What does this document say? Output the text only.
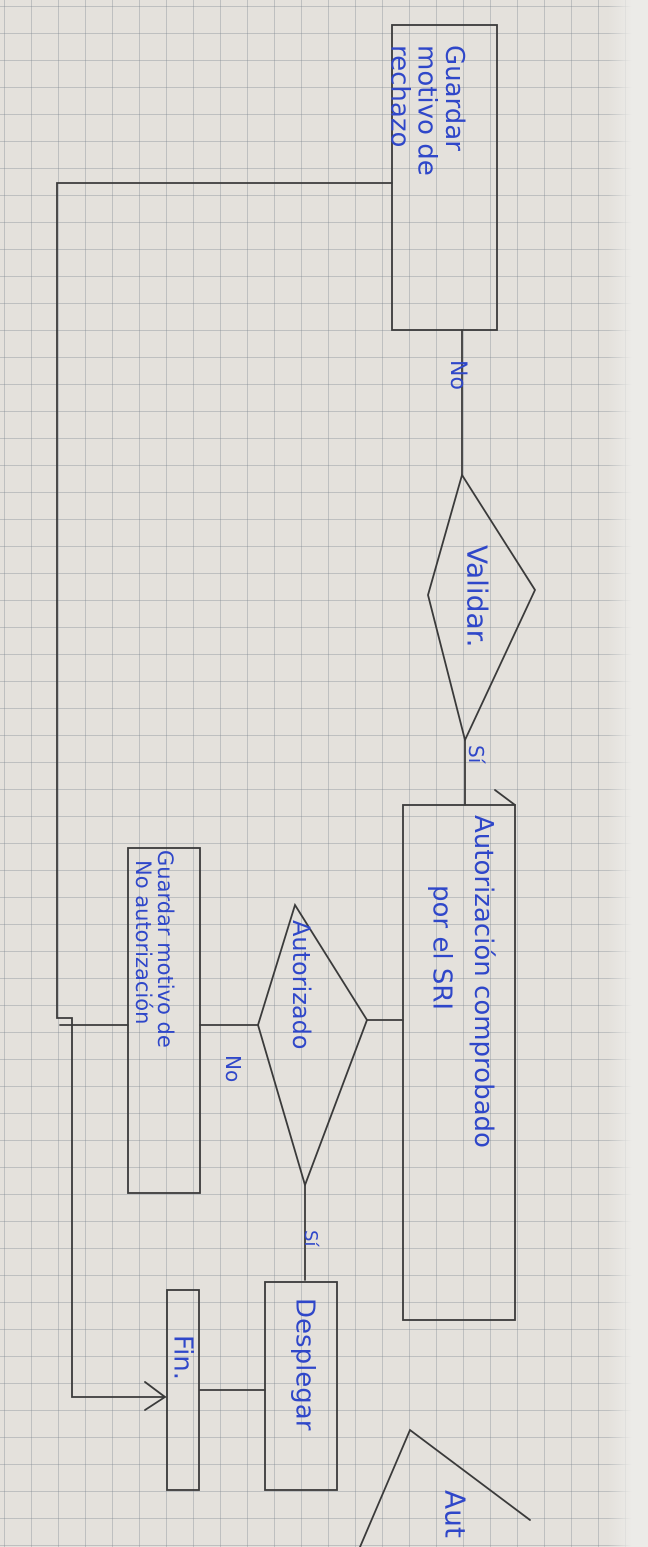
Guardar
motivo de
rechazo
No
Validar.
Sí
Autorización comprobado
por el SRI
Autorizado
No
Guardar motivo de
No autorización
Sí
Desplegar
Fin.
Aut
